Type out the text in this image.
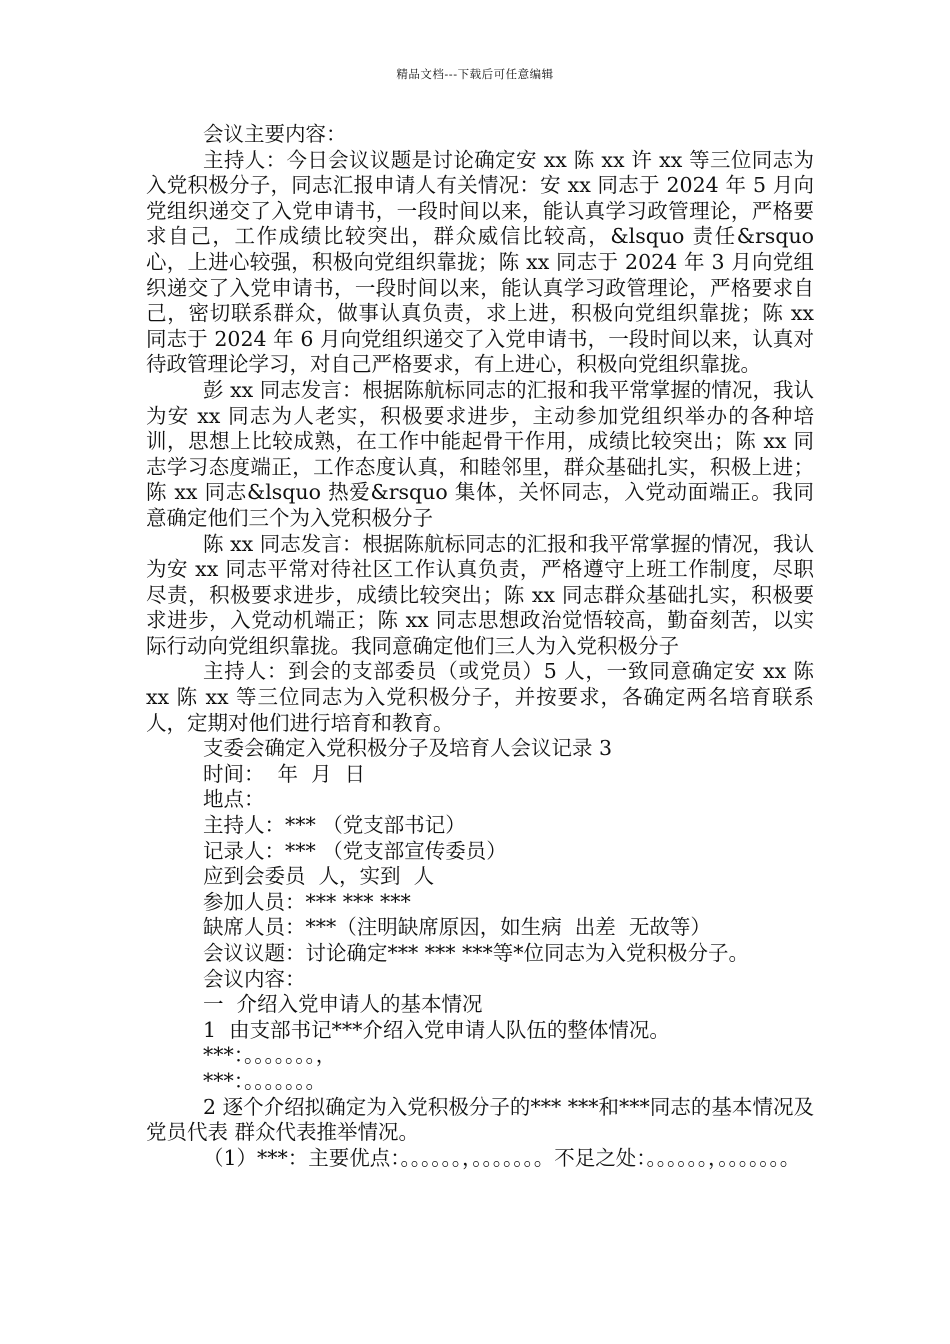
精品文档---下载后可任意编辑

会议主要内容：

主持人：今日会议议题是讨论确定安 xx 陈 xx 许 xx 等三位同志为入党积极分子，同志汇报申请人有关情况：安 xx 同志于 2024 年 5 月向党组织递交了入党申请书，一段时间以来，能认真学习政管理论，严格要求自己，工作成绩比较突出，群众威信比较高，&lsquo 责任&rsquo 心，上进心较强，积极向党组织靠拢；陈 xx 同志于 2024 年 3 月向党组织递交了入党申请书，一段时间以来，能认真学习政管理论，严格要求自己，密切联系群众，做事认真负责，求上进，积极向党组织靠拢；陈 xx 同志于 2024 年 6 月向党组织递交了入党申请书，一段时间以来，认真对待政管理论学习，对自己严格要求，有上进心，积极向党组织靠拢。

彭 xx 同志发言：根据陈航标同志的汇报和我平常掌握的情况，我认为安 xx 同志为人老实，积极要求进步，主动参加党组织举办的各种培训，思想上比较成熟，在工作中能起骨干作用，成绩比较突出；陈 xx 同志学习态度端正，工作态度认真，和睦邻里，群众基础扎实，积极上进；陈 xx 同志&lsquo 热爱&rsquo 集体，关怀同志，入党动面端正。我同意确定他们三个为入党积极分子

陈 xx 同志发言：根据陈航标同志的汇报和我平常掌握的情况，我认为安 xx 同志平常对待社区工作认真负责，严格遵守上班工作制度，尽职尽责，积极要求进步，成绩比较突出；陈 xx 同志群众基础扎实，积极要求进步，入党动机端正；陈 xx 同志思想政治觉悟较高，勤奋刻苦，以实际行动向党组织靠拢。我同意确定他们三人为入党积极分子

主持人：到会的支部委员（或党员）5 人，一致同意确定安 xx 陈 xx 陈 xx 等三位同志为入党积极分子，并按要求，各确定两名培育联系人，定期对他们进行培育和教育。

支委会确定入党积极分子及培育人会议记录 3

时间：  年  月  日

地点：

主持人：*** （党支部书记）

记录人：*** （党支部宣传委员）

应到会委员  人，实到  人

参加人员：*** *** ***

缺席人员：***（注明缺席原因，如生病  出差  无故等）

会议议题：讨论确定*** *** ***等*位同志为入党积极分子。

会议内容：

一  介绍入党申请人的基本情况

1  由支部书记***介绍入党申请人队伍的整体情况。

***：。。。。。。。，

***：。。。。。。。

2 逐个介绍拟确定为入党积极分子的*** ***和***同志的基本情况及党员代表 群众代表推举情况。

（1）***：主要优点：。。。。。。，。。。。。。。不足之处：。。。。。。，。。。。。。。
